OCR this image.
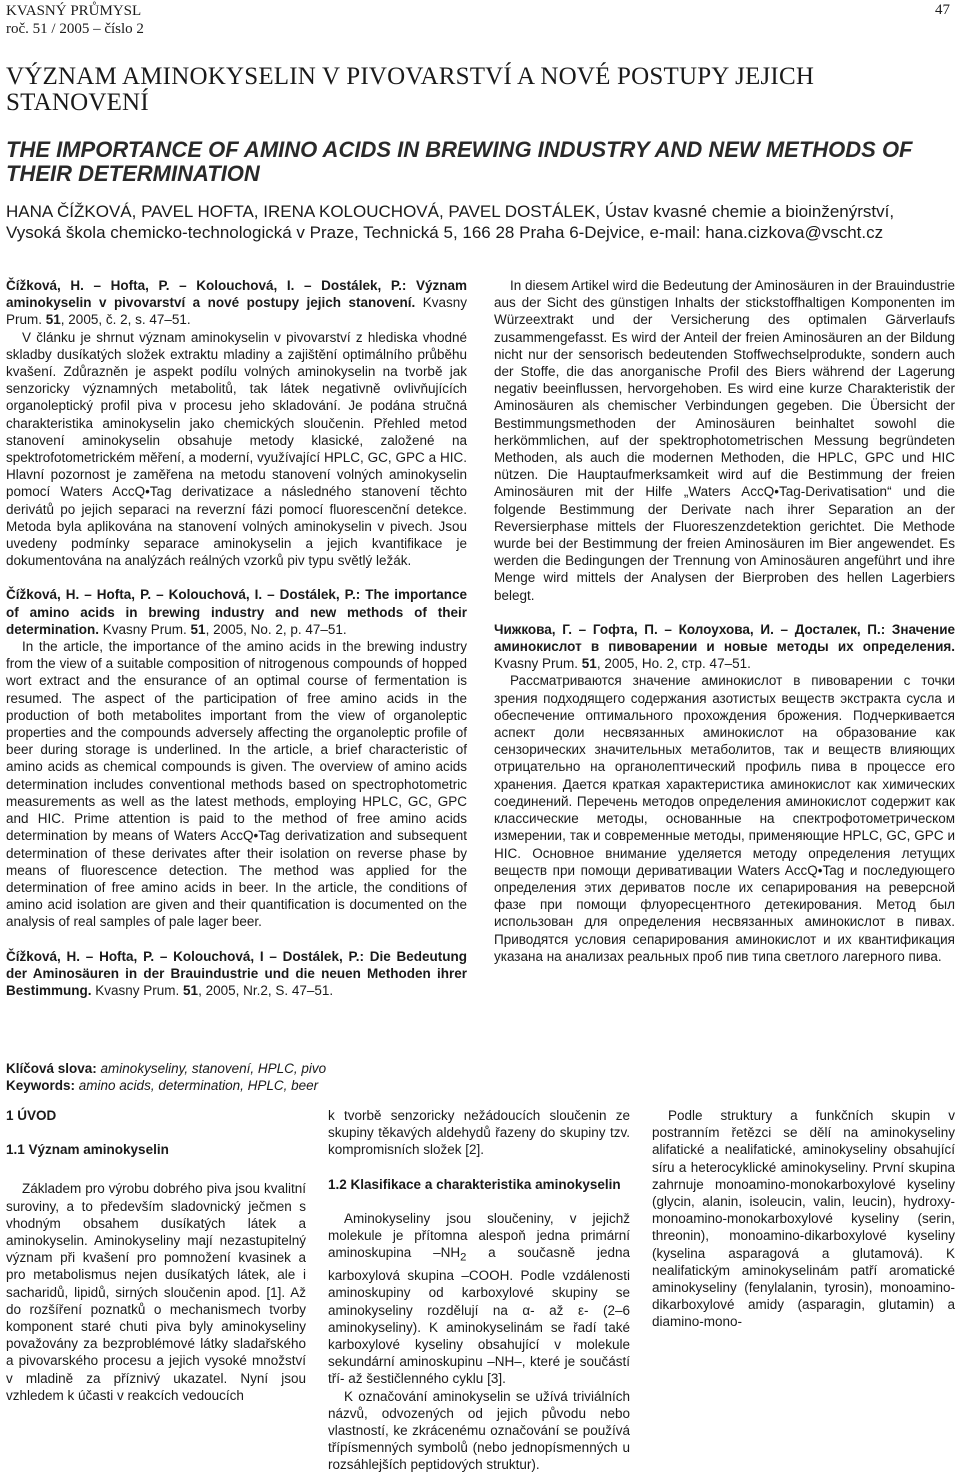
KVASNÝ PRŮMYSL
roč. 51 / 2005 – číslo 2
47
VÝZNAM AMINOKYSELIN V PIVOVARSTVÍ A NOVÉ POSTUPY JEJICH STANOVENÍ
THE IMPORTANCE OF AMINO ACIDS IN BREWING INDUSTRY AND NEW METHODS OF THEIR DETERMINATION
HANA ČÍŽKOVÁ, PAVEL HOFTA, IRENA KOLOUCHOVÁ, PAVEL DOSTÁLEK, Ústav kvasné chemie a bioinženýrství, Vysoká škola chemicko-technologická v Praze, Technická 5, 166 28 Praha 6-Dejvice, e-mail: hana.cizkova@vscht.cz

Čížková, H. – Hofta, P. – Kolouchová, I. – Dostálek, P.: Význam aminokyselin v pivovarství a nové postupy jejich stanovení. Kvasny Prum. 51, 2005, č. 2, s. 47–51.

V článku je shrnut význam aminokyselin v pivovarství z hlediska vhodné skladby dusíkatých složek extraktu mladiny a zajištění optimálního průběhu kvašení. Zdůrazněn je aspekt podílu volných aminokyselin na tvorbě jak senzoricky významných metabolitů, tak látek negativně ovlivňujících organoleptický profil piva v procesu jeho skladování. Je podána stručná charakteristika aminokyselin jako chemických sloučenin. Přehled metod stanovení aminokyselin obsahuje metody klasické, založené na spektrofotometrickém měření, a moderní, využívající HPLC, GC, GPC a HIC. Hlavní pozornost je zaměřena na metodu stanovení volných aminokyselin pomocí Waters AccQ•Tag derivatizace a následného stanovení těchto derivátů po jejich separaci na reverzní fázi pomocí fluorescenční detekce. Metoda byla aplikována na stanovení volných aminokyselin v pivech. Jsou uvedeny podmínky separace aminokyselin a jejich kvantifikace je dokumentována na analýzách reálných vzorků piv typu světlý ležák.

Čížková, H. – Hofta, P. – Kolouchová, I. – Dostálek, P.: The importance of amino acids in brewing industry and new methods of their determination. Kvasny Prum. 51, 2005, No. 2, p. 47–51.

In the article, the importance of the amino acids in the brewing industry from the view of a suitable composition of nitrogenous compounds of hopped wort extract and the ensurance of an optimal course of fermentation is resumed. The aspect of the participation of free amino acids in the production of both metabolites important from the view of organoleptic properties and the compounds adversely affecting the organoleptic profile of beer during storage is underlined. In the article, a brief characteristic of amino acids as chemical compounds is given. The overview of amino acids determination includes conventional methods based on spectrophotometric measurements as well as the latest methods, employing HPLC, GC, GPC and HIC. Prime attention is paid to the method of free amino acids determination by means of Waters AccQ•Tag derivatization and subsequent determination of these derivates after their isolation on reverse phase by means of fluorescence detection. The method was applied for the determination of free amino acids in beer. In the article, the conditions of amino acid isolation are given and their quantification is documented on the analysis of real samples of pale lager beer.

Čížková, H. – Hofta, P. – Kolouchová, I – Dostálek, P.: Die Bedeutung der Aminosäuren in der Brauindustrie und die neuen Methoden ihrer Bestimmung. Kvasny Prum. 51, 2005, Nr.2, S. 47–51.

In diesem Artikel wird die Bedeutung der Aminosäuren in der Brauindustrie aus der Sicht des günstigen Inhalts der stickstoffhaltigen Komponenten im Würzeextrakt und der Versicherung des optimalen Gärverlaufs zusammengefasst. Es wird der Anteil der freien Aminosäuren an der Bildung nicht nur der sensorisch bedeutenden Stoffwechselprodukte, sondern auch der Stoffe, die das anorganische Profil des Biers während der Lagerung negativ beeinflussen, hervorgehoben. Es wird eine kurze Charakteristik der Aminosäuren als chemischer Verbindungen gegeben. Die Übersicht der Bestimmungsmethoden der Aminosäuren beinhaltet sowohl die herkömmlichen, auf der spektrophotometrischen Messung begründeten Methoden, als auch die modernen Methoden, die HPLC, GPC und HIC nützen. Die Hauptaufmerksamkeit wird auf die Bestimmung der freien Aminosäuren mit der Hilfe „Waters AccQ•Tag-Derivatisation“ und die folgende Bestimmung der Derivate nach ihrer Separation an der Reversierphase mittels der Fluoreszenzdetektion gerichtet. Die Methode wurde bei der Bestimmung der freien Aminosäuren im Bier angewendet. Es werden die Bedingungen der Trennung von Aminosäuren angeführt und ihre Menge wird mittels der Analysen der Bierproben des hellen Lagerbiers belegt.

Чижкова, Г. – Гофта, П. – Колоухова, И. – Досталек, П.: Значение аминокислот в пивоварении и новые методы их определения. Kvasny Prum. 51, 2005, Но. 2, стр. 47–51.

Рассматриваются значение аминокислот в пивоварении с точки зрения подходящего содержания азотистых веществ экстракта сусла и обеспечение оптимального прохождения брожения. Подчеркивается аспект доли несвязанных аминокислот на образование как сензорических значительных метаболитов, так и веществ влияющих отрицательно на органолептический профиль пива в процессе его хранения. Дается краткая характеристика аминокислот как химических соединений. Перечень методов определения аминокислот содержит как классические методы, основанные на спектрофотометрическом измерении, так и современные методы, применяющие HPLC, GC, GPC и HIC. Основное внимание уделяется методу определения летущих веществ при помощи деривативации Waters AccQ•Tag и последующего определения этих дериватов после их сепарирования на реверсной фазе при помощи флуоресцентного детекирования. Метод был использован для определения несвязанных аминокислот в пивах. Приводятся условия сепарирования аминокислот и их квантификация указана на анализах реальных проб пив типа светлого лагерного пива.

Klíčová slova: aminokyseliny, stanovení, HPLC, pivo
Keywords: amino acids, determination, HPLC, beer

1 ÚVOD

1.1 Význam aminokyselin

Základem pro výrobu dobrého piva jsou kvalitní suroviny, a to především sladovnický ječmen s vhodným obsahem dusíkatých látek a aminokyselin. Aminokyseliny mají nezastupitelný význam při kvašení pro pomnožení kvasinek a pro metabolismus nejen dusíkatých látek, ale i sacharidů, lipidů, sirných sloučenin apod. [1]. Až do rozšíření poznatků o mechanismech tvorby komponent staré chuti piva byly aminokyseliny považovány za bezproblémové látky sladařského a pivovarského procesu a jejich vysoké množství v mladině za příznivý ukazatel. Nyní jsou vzhledem k účasti v reakcích vedoucích

k tvorbě senzoricky nežádoucích sloučenin ze skupiny těkavých aldehydů řazeny do skupiny tzv. kompromisních složek [2].

1.2 Klasifikace a charakteristika aminokyselin

Aminokyseliny jsou sloučeniny, v jejichž molekule je přítomna alespoň jedna primární aminoskupina $-NH_2$ a současně jedna karboxylová skupina –COOH. Podle vzdálenosti aminoskupiny od karboxylové skupiny se aminokyseliny rozdělují na α- až ε- (2–6 aminokyseliny). K aminokyselinám se řadí také karboxylové kyseliny obsahující v molekule sekundární aminoskupinu –NH–, které je součástí tří- až šestičlenného cyklu [3].

K označování aminokyselin se užívá triviálních názvů, odvozených od jejich původu nebo vlastností, ke zkrácenému označování se používá třípísmenných symbolů (nebo jednopísmenných u rozsáhlejších peptidových struktur).

Podle struktury a funkčních skupin v postranním řetězci se dělí na aminokyseliny alifatické a nealifatické, aminokyseliny obsahující síru a heterocyklické aminokyseliny. První skupina zahrnuje monoamino-monokarboxylové kyseliny (glycin, alanin, isoleucin, valin, leucin), hydroxy-monoamino-monokarboxylové kyseliny (serin, threonin), monoamino-dikarboxylové kyseliny (kyselina asparagová a glutamová). K nealifatickým aminokyselinám patří aromatické aminokyseliny (fenylalanin, tyrosin), monoamino-dikarboxylové amidy (asparagin, glutamin) a diamino-mono-
